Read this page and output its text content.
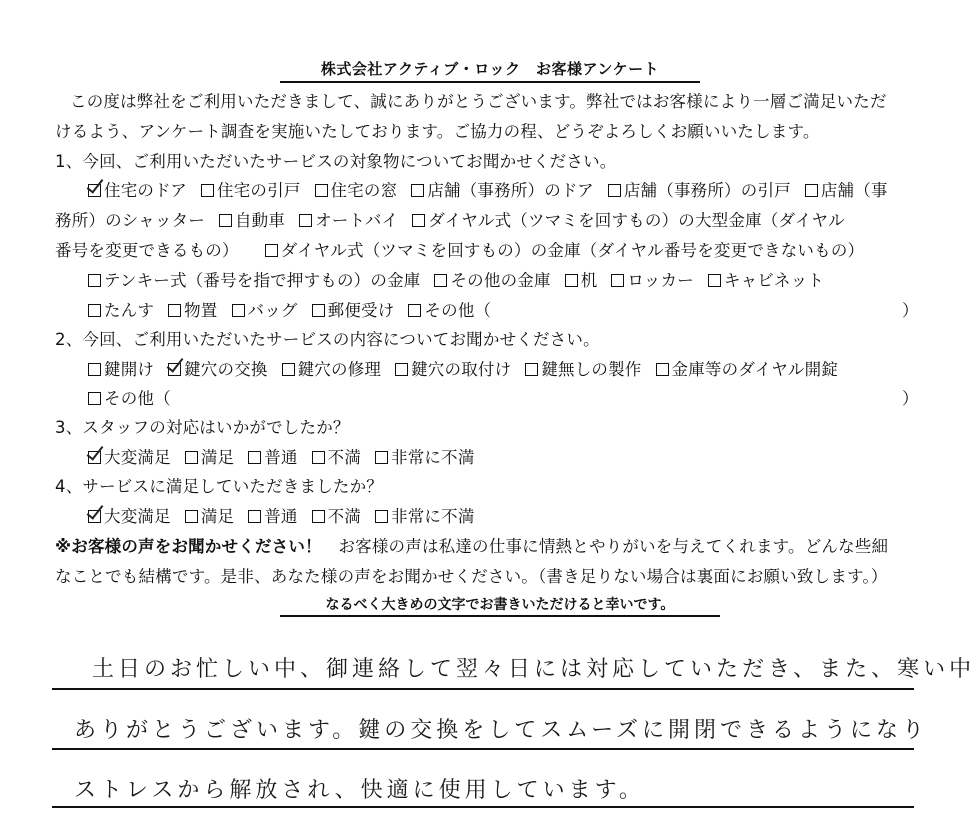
株式会社アクティブ・ロック　お客様アンケート
この度は弊社をご利用いただきまして、誠にありがとうございます。弊社ではお客様により一層ご満足いただ
けるよう、アンケート調査を実施いたしております。ご協力の程、どうぞよろしくお願いいたします。
1、今回、ご利用いただいたサービスの対象物についてお聞かせください。
住宅のドア 住宅の引戸 住宅の窓 店舗（事務所）のドア 店舗（事務所）の引戸 店舗（事
務所）のシャッター 自動車 オートバイ ダイヤル式（ツマミを回すもの）の大型金庫（ダイヤル
番号を変更できるもの）	ダイヤル式（ツマミを回すもの）の金庫（ダイヤル番号を変更できないもの）
テンキー式（番号を指で押すもの）の金庫 その他の金庫 机 ロッカー キャビネット
たんす 物置 バッグ 郵便受け その他（	）
2、今回、ご利用いただいたサービスの内容についてお聞かせください。
鍵開け 鍵穴の交換 鍵穴の修理 鍵穴の取付け 鍵無しの製作 金庫等のダイヤル開錠
その他（	）
3、スタッフの対応はいかがでしたか？
大変満足 満足 普通 不満 非常に不満
4、サービスに満足していただきましたか？
大変満足 満足 普通 不満 非常に不満
※お客様の声をお聞かせください！　お客様の声は私達の仕事に情熱とやりがいを与えてくれます。どんな些細
なことでも結構です。是非、あなた様の声をお聞かせください。（書き足りない場合は裏面にお願い致します。）
なるべく大きめの文字でお書きいただけると幸いです。
土日のお忙しい中、御連絡して翌々日には対応していただき、また、寒い中
ありがとうございます。鍵の交換をしてスムーズに開閉できるようになり
ストレスから解放され、快適に使用しています。
